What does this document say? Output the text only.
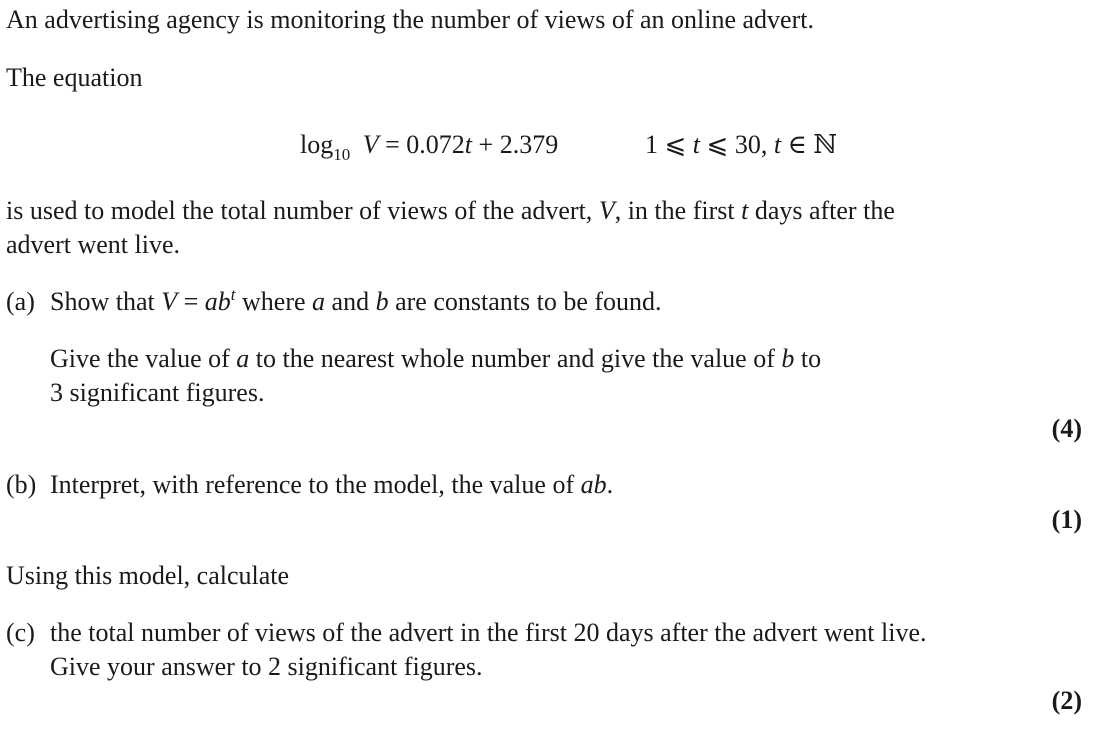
An advertising agency is monitoring the number of views of an online advert.
The equation
$\log_{10} V = 0.072t + 2.379$	1 ⩽ t ⩽ 30, t ∈ ℕ
is used to model the total number of views of the advert, V, in the first t days after the
advert went live.
(a) Show that $V = ab^t$ where a and b are constants to be found.
Give the value of a to the nearest whole number and give the value of b to
3 significant figures.
(4)
(b) Interpret, with reference to the model, the value of ab.
(1)
Using this model, calculate
(c) the total number of views of the advert in the first 20 days after the advert went live.
Give your answer to 2 significant figures.
(2)
